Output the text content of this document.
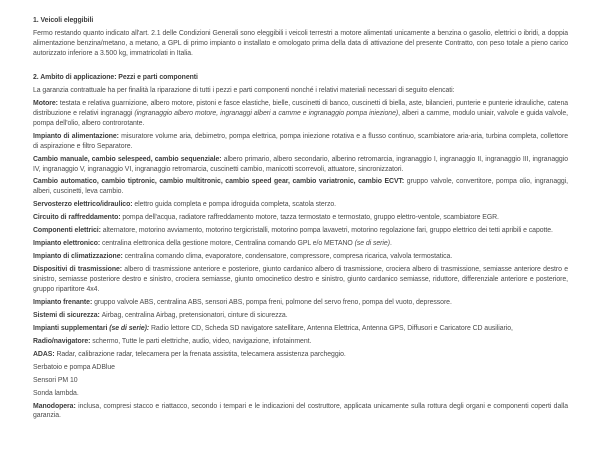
1. Veicoli eleggibili

Fermo restando quanto indicato all'art. 2.1 delle Condizioni Generali sono eleggibili i veicoli terrestri a motore alimentati unicamente a benzina o gasolio, elettrici o ibridi, a doppia alimentazione benzina/metano, a metano, a GPL di primo impianto o installato e omologato prima della data di attivazione del presente Contratto, con peso totale a pieno carico autorizzato inferiore a 3.500 kg, immatricolati in Italia.

2. Ambito di applicazione: Pezzi e parti componenti

La garanzia contrattuale ha per finalità la riparazione di tutti i pezzi e parti componenti nonché i relativi materiali necessari di seguito elencati:

Motore: testata e relativa guarnizione, albero motore, pistoni e fasce elastiche, bielle, cuscinetti di banco, cuscinetti di biella, aste, bilancieri, punterie e punterie idrauliche, catena distribuzione e relativi ingranaggi (ingranaggio albero motore, ingranaggi alberi a camme e ingranaggio pompa iniezione), alberi a camme, modulo uniair, valvole e guida valvole, pompa dell'olio, albero controrotante.

Impianto di alimentazione: misuratore volume aria, debimetro, pompa elettrica, pompa iniezione rotativa e a flusso continuo, scambiatore aria-aria, turbina completa, collettore di aspirazione e filtro Separatore.

Cambio manuale, cambio selespeed, cambio sequenziale: albero primario, albero secondario, alberino retromarcia, ingranaggio I, ingranaggio II, ingranaggio III, ingranaggio IV, ingranaggio V, ingranaggio VI, ingranaggio retromarcia, cuscinetti cambio, manicotti scorrevoli, attuatore, sincronizzatori.

Cambio automatico, cambio tiptronic, cambio multitronic, cambio speed gear, cambio variatronic, cambio ECVT: gruppo valvole, convertitore, pompa olio, ingranaggi, alberi, cuscinetti, leva cambio.

Servosterzo elettrico/idraulico: elettro guida completa e pompa idroguida completa, scatola sterzo.

Circuito di raffreddamento: pompa dell'acqua, radiatore raffreddamento motore, tazza termostato e termostato, gruppo elettro-ventole, scambiatore EGR.

Componenti elettrici: alternatore, motorino avviamento, motorino tergicristalli, motorino pompa lavavetri, motorino regolazione fari, gruppo elettrico dei tetti apribili e capotte.

Impianto elettronico: centralina elettronica della gestione motore, Centralina comando GPL e/o METANO (se di serie).

Impianto di climatizzazione: centralina comando clima, evaporatore, condensatore, compressore, compresa ricarica, valvola termostatica.

Dispositivi di trasmissione: albero di trasmissione anteriore e posteriore, giunto cardanico albero di trasmissione, crociera albero di trasmissione, semiasse anteriore destro e sinistro, semiasse posteriore destro e sinistro, crociera semiasse, giunto omocinetico destro e sinistro, giunto cardanico semiasse, riduttore, differenziale anteriore e posteriore, gruppo ripartitore 4x4.

Impianto frenante: gruppo valvole ABS, centralina ABS, sensori ABS, pompa freni, polmone del servo freno, pompa del vuoto, depressore.

Sistemi di sicurezza: Airbag, centralina Airbag, pretensionatori, cinture di sicurezza.

Impianti supplementari (se di serie): Radio lettore CD, Scheda SD navigatore satellitare, Antenna Elettrica, Antenna GPS, Diffusori e Caricatore CD ausiliario,

Radio/navigatore: schermo, Tutte le parti elettriche, audio, video, navigazione, infotainment.

ADAS: Radar, calibrazione radar, telecamera per la frenata assistita, telecamera assistenza parcheggio.

Serbatoio e pompa ADBlue

Sensori PM 10

Sonda lambda.

Manodopera: inclusa, compresi stacco e riattacco, secondo i tempari e le indicazioni del costruttore, applicata unicamente sulla rottura degli organi e componenti coperti dalla garanzia.
